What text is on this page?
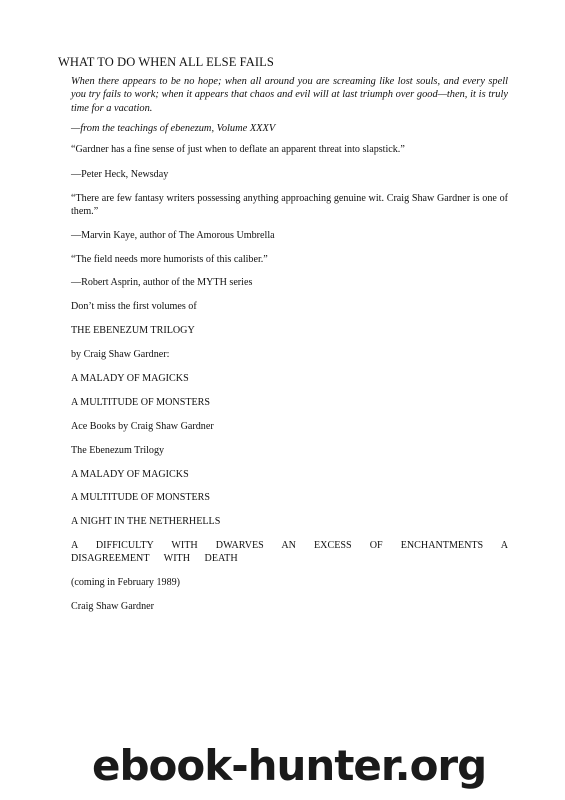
WHAT TO DO WHEN ALL ELSE FAILS
When there appears to be no hope; when all around you are screaming like lost souls, and every spell you try fails to work; when it appears that chaos and evil will at last triumph over good—then, it is truly time for a vacation.
—from the teachings of ebenezum, Volume XXXV
“Gardner has a fine sense of just when to deflate an apparent threat into slapstick.”
—Peter Heck, Newsday
“There are few fantasy writers possessing anything approaching genuine wit. Craig Shaw Gardner is one of them.”
—Marvin Kaye, author of The Amorous Umbrella
“The field needs more humorists of this caliber.”
—Robert Asprin, author of the MYTH series
Don’t miss the first volumes of
THE EBENEZUM TRILOGY
by Craig Shaw Gardner:
A MALADY OF MAGICKS
A MULTITUDE OF MONSTERS
Ace Books by Craig Shaw Gardner
The Ebenezum Trilogy
A MALADY OF MAGICKS
A MULTITUDE OF MONSTERS
A NIGHT IN THE NETHERHELLS
A DIFFICULTY WITH DWARVES AN EXCESS OF ENCHANTMENTS A DISAGREEMENT WITH DEATH
(coming in February 1989)
Craig Shaw Gardner
ebook-hunter.org
